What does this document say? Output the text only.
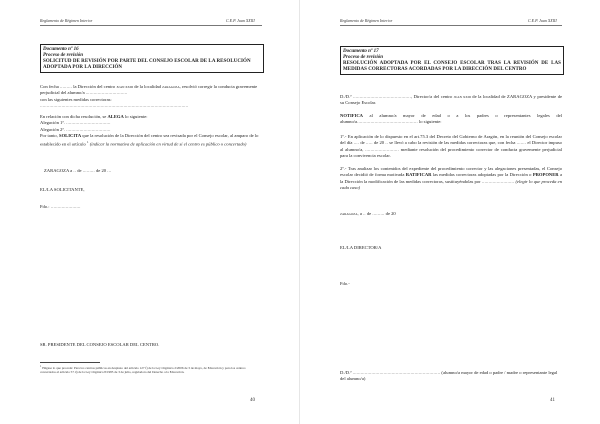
Reglamento de Régimen Interior	C.E.P. Juan XXIII
Documento nº 16
Proceso de revisión
SOLICITUD DE REVISIÓN POR PARTE DEL CONSEJO ESCOLAR DE LA RESOLUCIÓN ADOPTADA POR LA DIRECCIÓN
Con fecha ......... la Dirección del centro JUAN XXIII de la localidad ZARAGOZA, resolvió corregir la conducta gravemente perjudicial del alumno/a ...............................
con las siguientes medidas correctoras:
..............................................................................................................
En relación con dicha resolución, se ALEGA lo siguiente:
Alegación 1ª. .................................
Alegación 2ª. .................................
Por tanto, SOLICITA que la resolución de la Dirección del centro sea revisada por el Consejo escolar, al amparo de lo establecido en el artículo $^1$ (indicar la normativa de aplicación en virtud de si el centro es público o concertado)
ZARAGOZA a .. de ......... de 20 ...
EL/LA SOLICITANTE,
Fdo.: ......................
SR. PRESIDENTE DEL CONSEJO ESCOLAR DEL CENTRO.
$^1$ Hágase lo que proceda: Para los centros públicos en desplazo del artículo 127 f) de la Ley Orgánica 2/2006 de 3 de mayo, de Educación y para los centros concertados el artículo 57 d) de la Ley Orgánica 8/1985 de 3 de julio, reguladora del Derecho a la Educación.
40
Reglamento de Régimen Interior	C.E.P. Juan XXIII
Documento nº 17
Proceso de revisión
RESOLUCIÓN ADOPTADA POR EL CONSEJO ESCOLAR TRAS LA REVISIÓN DE LAS MEDIDAS CORRECTORAS ACORDADAS POR LA DIRECCIÓN DEL CENTRO
D./D.ª ..........................................., Director/a del centro JUAN XXIII de la localidad de ZARAGOZA y presidente de su Consejo Escolar.
NOTIFICA al alumno/a mayor de edad o a los padres o representantes legales del alumno/a............................................. lo siguiente:
1º.- En aplicación de lo dispuesto en el art.75.3 del Decreto del Gobierno de Aragón, en la reunión del Consejo escolar del día .... de ..... de 20 .. se llevó a cabo la revisión de las medidas correctoras que, con fecha ....... el Director impuso al alumno/a, ......................... mediante resolución del procedimiento corrector de conducta gravemente perjudicial para la convivencia escolar.
2º.- Tras analizar los contenidos del expediente del procedimiento corrector y las alegaciones presentadas, el Consejo escolar decidió de forma motivada RATIFICAR las medidas correctoras adoptadas por la Dirección o PROPONER a la Dirección la modificación de las medidas correctoras, sustituyéndolas por ........................ (elegir lo que proceda en cada caso)
ZARAGOZA, a .. de ......... de 20
EL/LA DIRECTOR/A
Fdo.-
D./D.ª ................................................................. (alumno/a mayor de edad o padre / madre o representante legal del alumno/a)
41
